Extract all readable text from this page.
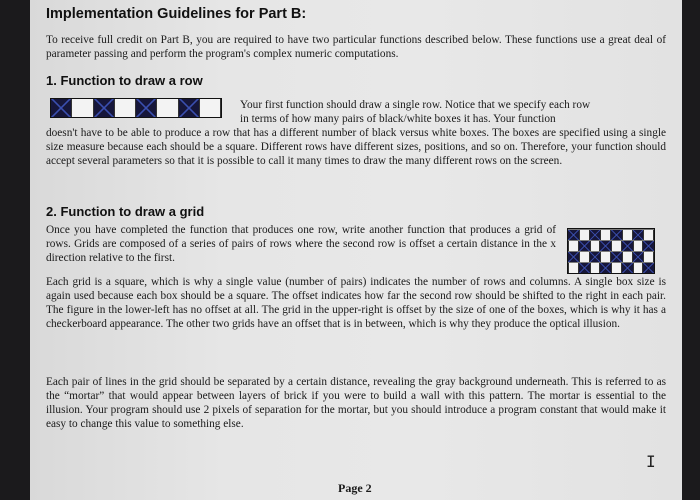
Implementation Guidelines for Part B:
To receive full credit on Part B, you are required to have two particular functions described below. These functions use a great deal of parameter passing and perform the program's complex numeric computations.
1. Function to draw a row
Your first function should draw a single row. Notice that we specify each row
in terms of how many pairs of black/white boxes it has. Your function
doesn't have to be able to produce a row that has a different number of black versus white boxes. The boxes are specified using a single size measure because each should be a square. Different rows have different sizes, positions, and so on. Therefore, your function should accept several parameters so that it is possible to call it many times to draw the many different rows on the screen.
2. Function to draw a grid
Once you have completed the function that produces one row, write another function that produces a grid of rows. Grids are composed of a series of pairs of rows where the second row is offset a certain distance in the x direction relative to the first.
Each grid is a square, which is why a single value (number of pairs) indicates the number of rows and columns. A single box size is again used because each box should be a square. The offset indicates how far the second row should be shifted to the right in each pair. The figure in the lower-left has no offset at all. The grid in the upper-right is offset by the size of one of the boxes, which is why it has a checkerboard appearance. The other two grids have an offset that is in between, which is why they produce the optical illusion.
Each pair of lines in the grid should be separated by a certain distance, revealing the gray background underneath. This is referred to as the “mortar” that would appear between layers of brick if you were to build a wall with this pattern. The mortar is essential to the illusion. Your program should use 2 pixels of separation for the mortar, but you should introduce a program constant that would make it easy to change this value to something else.
I
Page 2
